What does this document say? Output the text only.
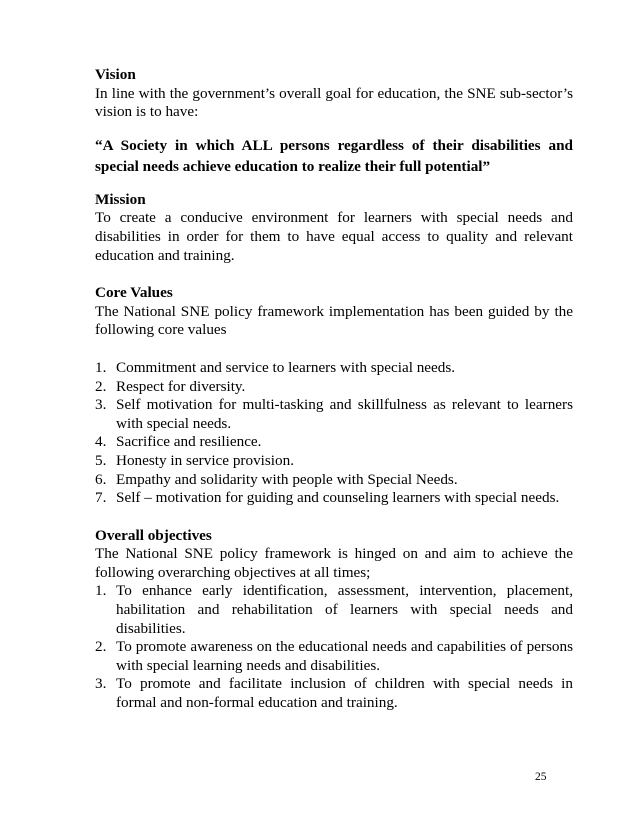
Vision

In line with the government’s overall goal for education, the SNE sub-sector’s vision is to have:

“A Society in which ALL persons regardless of their disabilities and special needs achieve education to realize their full potential”

Mission

To create a conducive environment for learners with special needs and disabilities in order for them to have equal access to quality and relevant education and training.

Core Values

The National SNE policy framework implementation has been guided by the following core values

1. Commitment and service to learners with special needs.
2. Respect for diversity.
3. Self motivation for multi-tasking and skillfulness as relevant to learners with special needs.
4. Sacrifice and resilience.
5. Honesty in service provision.
6. Empathy and solidarity with people with Special Needs.
7. Self – motivation for guiding and counseling learners with special needs.

Overall objectives

The National SNE policy framework is hinged on and aim to achieve the following overarching objectives at all times;

1. To enhance early identification, assessment, intervention, placement, habilitation and rehabilitation of learners with special needs and disabilities.
2. To promote awareness on the educational needs and capabilities of persons with special learning needs and disabilities.
3. To promote and facilitate inclusion of children with special needs in formal and non-formal education and training.
25
